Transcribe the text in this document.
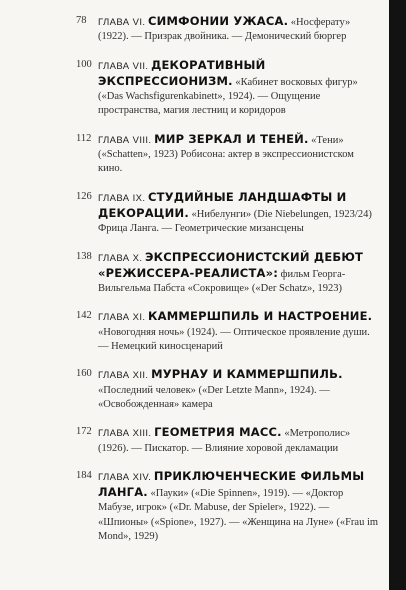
78	ГЛАВА VI. СИМФОНИИ УЖАСА. «Носферату» (1922). — Призрак двойника. — Демонический бюргер
100 ГЛАВА VII. ДЕКОРАТИВНЫЙ ЭКСПРЕССИОНИЗМ. «Кабинет восковых фигур» («Das Wachsfigurenkabinett», 1924). — Ощущение пространства, магия лестниц и коридоров
112 ГЛАВА VIII. МИР ЗЕРКАЛ И ТЕНЕЙ. «Тени» («Schatten», 1923) Робисона: актер в экспрессионистском кино.
126 ГЛАВА IX. СТУДИЙНЫЕ ЛАНДШАФТЫ И ДЕКОРАЦИИ. «Нибелунги» (Die Niebelungen, 1923/24) Фрица Ланга. — Геометрические мизансцены
138 ГЛАВА X. ЭКСПРЕССИОНИСТСКИЙ ДЕБЮТ «РЕЖИССЕРА-РЕАЛИСТА»: фильм Георга-Вильгельма Пабста «Сокровище» («Der Schatz», 1923)
142 ГЛАВА XI. КАММЕРШПИЛЬ И НАСТРОЕНИЕ. «Новогодняя ночь» (1924). — Оптическое проявление души. — Немецкий киносценарий
160 ГЛАВА XII. МУРНАУ И КАММЕРШПИЛЬ. «Последний человек» («Der Letzte Mann», 1924). — «Освобожденная» камера
172 ГЛАВА XIII. ГЕОМЕТРИЯ МАСС. «Метрополис» (1926). — Пискатор. — Влияние хоровой декламации
184 ГЛАВА XIV. ПРИКЛЮЧЕНЧЕСКИЕ ФИЛЬМЫ ЛАНГА. «Пауки» («Die Spinnen», 1919). — «Доктор Мабузе, игрок» («Dr. Mabuse, der Spieler», 1922). — «Шпионы» («Spione», 1927). — «Женщина на Луне» («Frau im Mond», 1929)
